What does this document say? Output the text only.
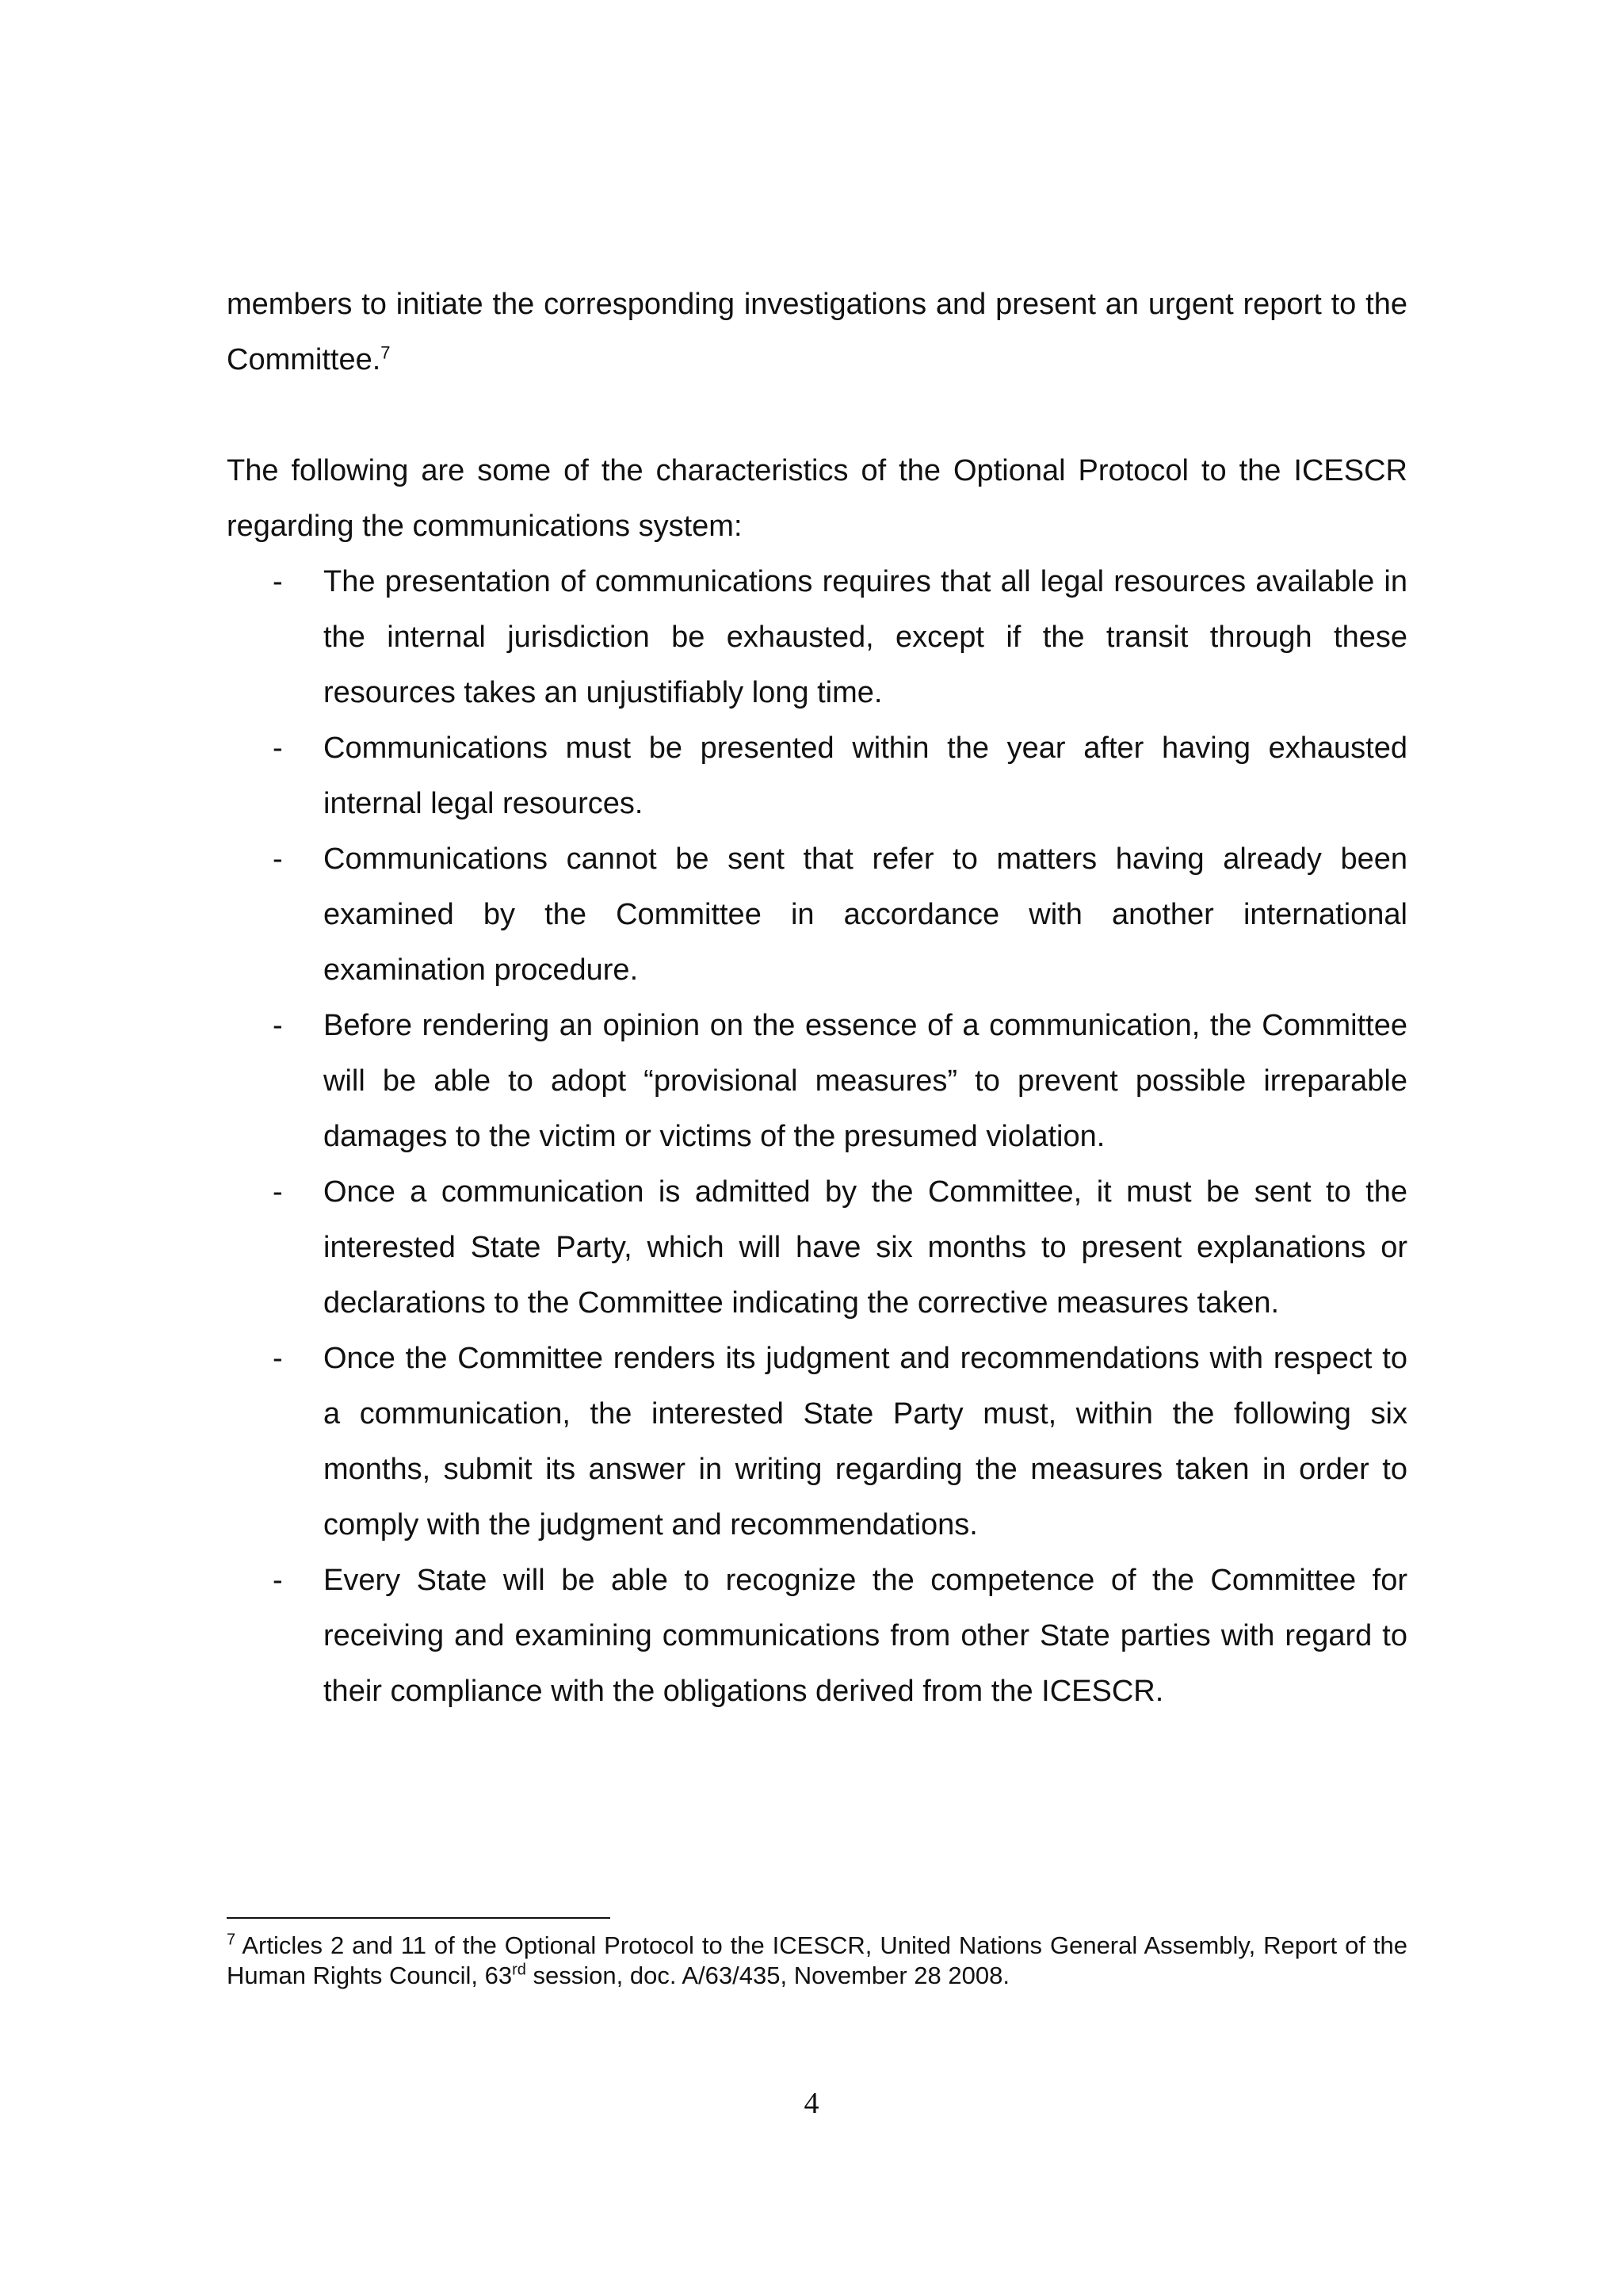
members to initiate the corresponding investigations and present an urgent report to the Committee.$^7$

The following are some of the characteristics of the Optional Protocol to the ICESCR regarding the communications system:

- The presentation of communications requires that all legal resources available in the internal jurisdiction be exhausted, except if the transit through these resources takes an unjustifiably long time.
- Communications must be presented within the year after having exhausted internal legal resources.
- Communications cannot be sent that refer to matters having already been examined by the Committee in accordance with another international examination procedure.
- Before rendering an opinion on the essence of a communication, the Committee will be able to adopt “provisional measures” to prevent possible irreparable damages to the victim or victims of the presumed violation.
- Once a communication is admitted by the Committee, it must be sent to the interested State Party, which will have six months to present explanations or declarations to the Committee indicating the corrective measures taken.
- Once the Committee renders its judgment and recommendations with respect to a communication, the interested State Party must, within the following six months, submit its answer in writing regarding the measures taken in order to comply with the judgment and recommendations.
- Every State will be able to recognize the competence of the Committee for receiving and examining communications from other State parties with regard to their compliance with the obligations derived from the ICESCR.

$^7$ Articles 2 and 11 of the Optional Protocol to the ICESCR, United Nations General Assembly, Report of the Human Rights Council, 63rd session, doc. A/63/435, November 28 2008.

4
